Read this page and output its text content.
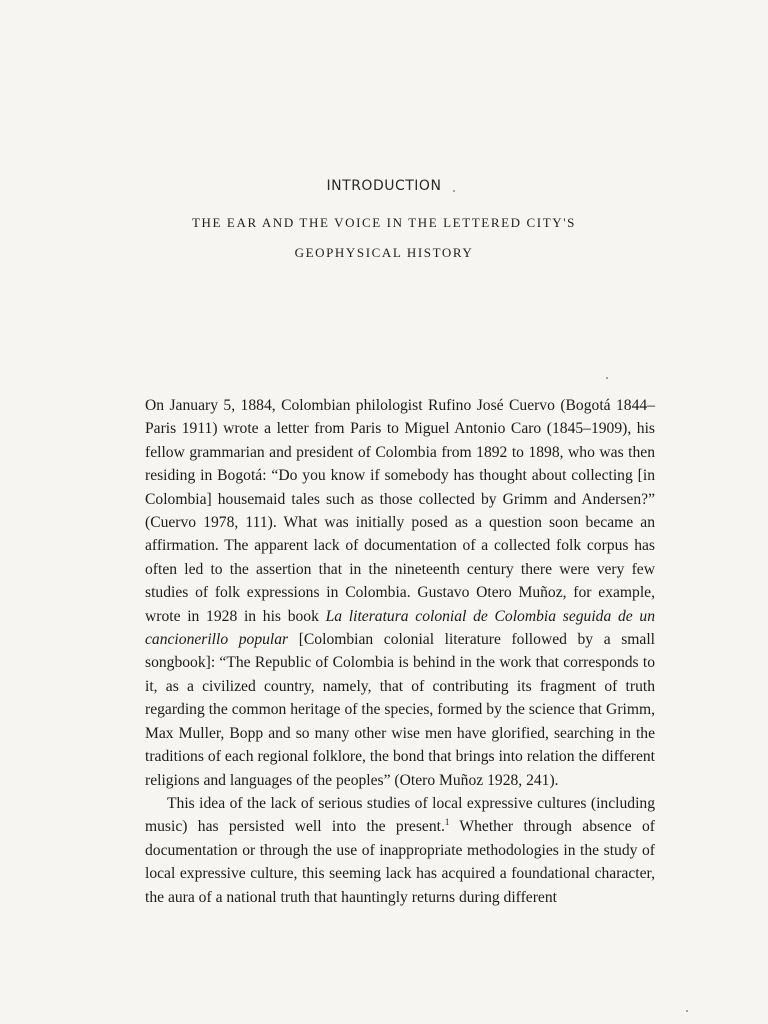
INTRODUCTION
THE EAR AND THE VOICE IN THE LETTERED CITY'S
GEOPHYSICAL HISTORY

On January 5, 1884, Colombian philologist Rufino José Cuervo (Bogotá 1844–Paris 1911) wrote a letter from Paris to Miguel Antonio Caro (1845–1909), his fellow grammarian and president of Colombia from 1892 to 1898, who was then residing in Bogotá: “Do you know if somebody has thought about collecting [in Colombia] housemaid tales such as those collected by Grimm and Andersen?” (Cuervo 1978, 111). What was initially posed as a question soon became an affirmation. The apparent lack of documentation of a collected folk corpus has often led to the assertion that in the nineteenth century there were very few studies of folk expressions in Colombia. Gustavo Otero Muñoz, for example, wrote in 1928 in his book La literatura colonial de Colombia seguida de un cancionerillo popular [Colombian colonial literature followed by a small songbook]: “The Republic of Colombia is behind in the work that corresponds to it, as a civilized country, namely, that of contributing its fragment of truth regarding the common heritage of the species, formed by the science that Grimm, Max Muller, Bopp and so many other wise men have glorified, searching in the traditions of each regional folklore, the bond that brings into relation the different religions and languages of the peoples” (Otero Muñoz 1928, 241).

This idea of the lack of serious studies of local expressive cultures (including music) has persisted well into the present.$^1$ Whether through absence of documentation or through the use of inappropriate methodologies in the study of local expressive culture, this seeming lack has acquired a foundational character, the aura of a national truth that hauntingly returns during different
